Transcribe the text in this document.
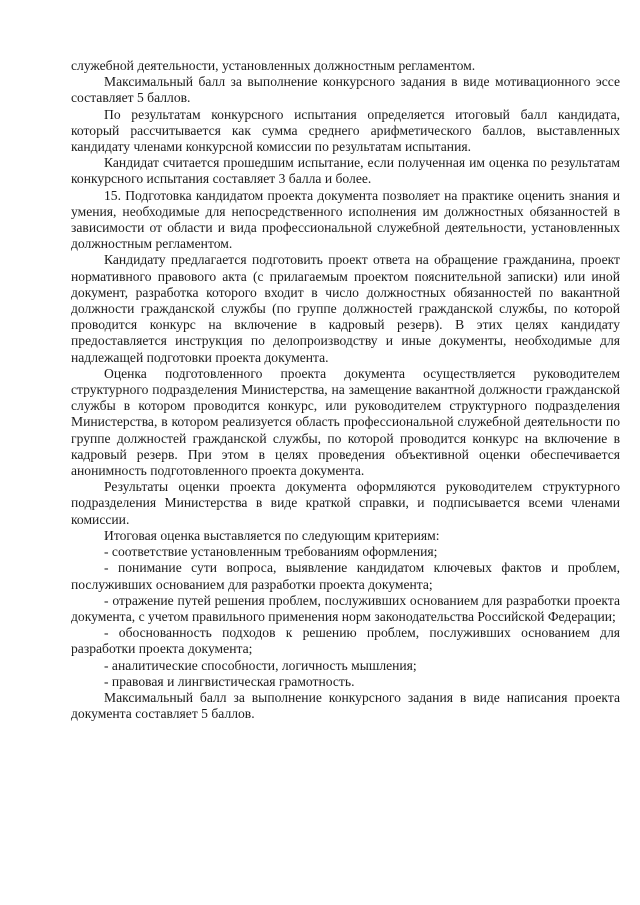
служебной деятельности, установленных должностным регламентом.

Максимальный балл за выполнение конкурсного задания в виде мотивационного эссе составляет 5 баллов.

По результатам конкурсного испытания определяется итоговый балл кандидата, который рассчитывается как сумма среднего арифметического баллов, выставленных кандидату членами конкурсной комиссии по результатам испытания.

Кандидат считается прошедшим испытание, если полученная им оценка по результатам конкурсного испытания составляет 3 балла и более.

15. Подготовка кандидатом проекта документа позволяет на практике оценить знания и умения, необходимые для непосредственного исполнения им должностных обязанностей в зависимости от области и вида профессиональной служебной деятельности, установленных должностным регламентом.

Кандидату предлагается подготовить проект ответа на обращение гражданина, проект нормативного правового акта (с прилагаемым проектом пояснительной записки) или иной документ, разработка которого входит в число должностных обязанностей по вакантной должности гражданской службы (по группе должностей гражданской службы, по которой проводится конкурс на включение в кадровый резерв). В этих целях кандидату предоставляется инструкция по делопроизводству и иные документы, необходимые для надлежащей подготовки проекта документа.

Оценка подготовленного проекта документа осуществляется руководителем структурного подразделения Министерства, на замещение вакантной должности гражданской службы в котором проводится конкурс, или руководителем структурного подразделения Министерства, в котором реализуется область профессиональной служебной деятельности по группе должностей гражданской службы, по которой проводится конкурс на включение в кадровый резерв. При этом в целях проведения объективной оценки обеспечивается анонимность подготовленного проекта документа.

Результаты оценки проекта документа оформляются руководителем структурного подразделения Министерства в виде краткой справки, и подписывается всеми членами комиссии.

Итоговая оценка выставляется по следующим критериям:

- соответствие установленным требованиям оформления;

- понимание сути вопроса, выявление кандидатом ключевых фактов и проблем, послуживших основанием для разработки проекта документа;

- отражение путей решения проблем, послуживших основанием для разработки проекта документа, с учетом правильного применения норм законодательства Российской Федерации;

- обоснованность подходов к решению проблем, послуживших основанием для разработки проекта документа;

- аналитические способности, логичность мышления;

- правовая и лингвистическая грамотность.

Максимальный балл за выполнение конкурсного задания в виде написания проекта документа составляет 5 баллов.
